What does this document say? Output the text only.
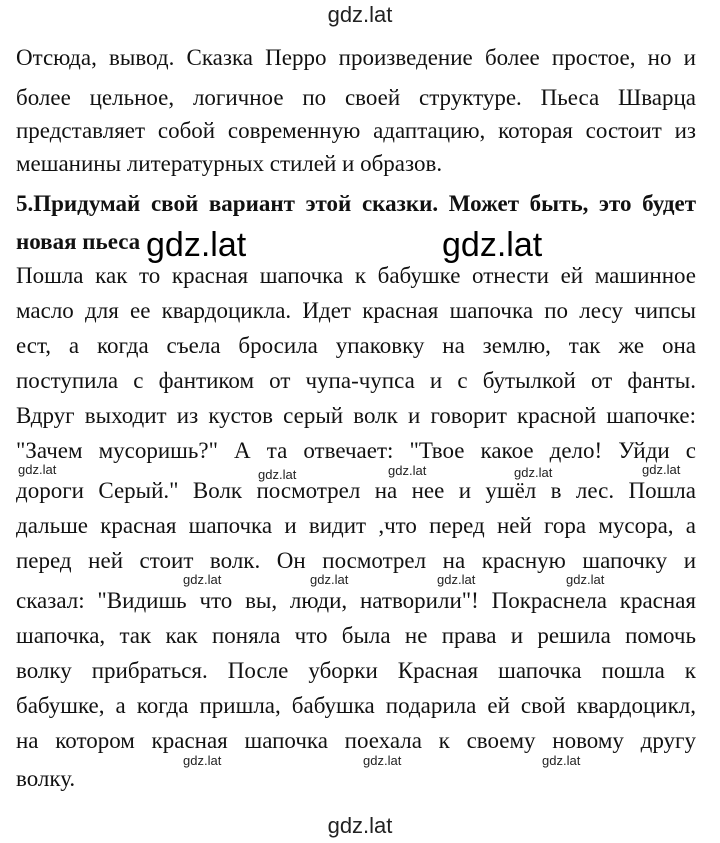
gdz.lat
Отсюда, вывод. Сказка Перро произведение более простое, но и
более цельное, логичное по своей структуре. Пьеса Шварца
представляет собой современную адаптацию, которая состоит из
мешанины литературных стилей и образов.
5.Придумай свой вариант этой сказки. Может быть, это будет
новая пьеса gdz.lat	gdz.lat
Пошла как то красная шапочка к бабушке отнести ей машинное
масло для ее квардоцикла. Идет красная шапочка по лесу чипсы
ест, а когда съела бросила упаковку на землю, так же она
поступила с фантиком от чупа-чупса и с бутылкой от фанты.
Вдруг выходит из кустов серый волк и говорит красной шапочке:
"Зачем мусоришь?" А та отвечает: "Твое какое дело! Уйди с
gdz.lat	gdz.lat	gdz.lat	gdz.lat	gdz.lat
дороги Серый." Волк посмотрел на нее и ушёл в лес. Пошла
дальше красная шапочка и видит ,что перед ней гора мусора, а
перед ней стоит волк. Он посмотрел на красную шапочку и
gdz.lat	gdz.lat	gdz.lat	gdz.lat
сказал: "Видишь что вы, люди, натворили"! Покраснела красная
шапочка, так как поняла что была не права и решила помочь
волку прибраться. После уборки Красная шапочка пошла к
бабушке, а когда пришла, бабушка подарила ей свой квардоцикл,
на котором красная шапочка поехала к своему новому другу
gdz.lat	gdz.lat	gdz.lat
волку.
gdz.lat
